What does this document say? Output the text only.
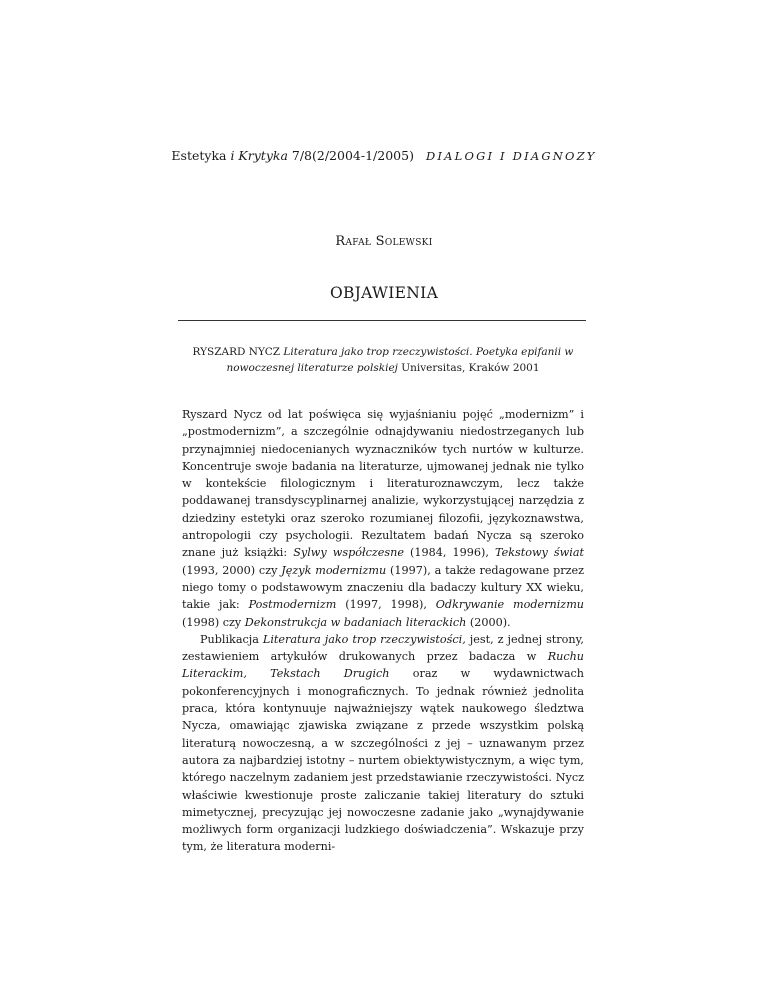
Estetyka i Krytyka 7/8(2/2004-1/2005) DIALOGI I DIAGNOZY
Rafał Solewski
OBJAWIENIA
RYSZARD NYCZ Literatura jako trop rzeczywistości. Poetyka epifanii w nowoczesnej literaturze polskiej Universitas, Kraków 2001

Ryszard Nycz od lat poświęca się wyjaśnianiu pojęć „modernizm” i „postmodernizm”, a szczególnie odnajdywaniu niedostrzeganych lub przynajmniej niedocenianych wyznaczników tych nurtów w kulturze. Koncentruje swoje badania na literaturze, ujmowanej jednak nie tylko w kontekście filologicznym i literaturoznawczym, lecz także poddawanej transdyscyplinarnej analizie, wykorzystującej narzędzia z dziedziny estetyki oraz szeroko rozumianej filozofii, językoznawstwa, antropologii czy psychologii. Rezultatem badań Nycza są szeroko znane już książki: Sylwy współczesne (1984, 1996), Tekstowy świat (1993, 2000) czy Język modernizmu (1997), a także redagowane przez niego tomy o podstawowym znaczeniu dla badaczy kultury XX wieku, takie jak: Postmodernizm (1997, 1998), Odkrywanie modernizmu (1998) czy Dekonstrukcja w badaniach literackich (2000).

Publikacja Literatura jako trop rzeczywistości, jest, z jednej strony, zestawieniem artykułów drukowanych przez badacza w Ruchu Literackim, Tekstach Drugich oraz w wydawnictwach pokonferencyjnych i monograficznych. To jednak również jednolita praca, która kontynuuje najważniejszy wątek naukowego śledztwa Nycza, omawiając zjawiska związane z przede wszystkim polską literaturą nowoczesną, a w szczególności z jej – uznawanym przez autora za najbardziej istotny – nurtem obiektywistycznym, a więc tym, którego naczelnym zadaniem jest przedstawianie rzeczywistości. Nycz właściwie kwestionuje proste zaliczanie takiej literatury do sztuki mimetycznej, precyzując jej nowoczesne zadanie jako „wynajdywanie możliwych form organizacji ludzkiego doświadczenia”. Wskazuje przy tym, że literatura moderni-
